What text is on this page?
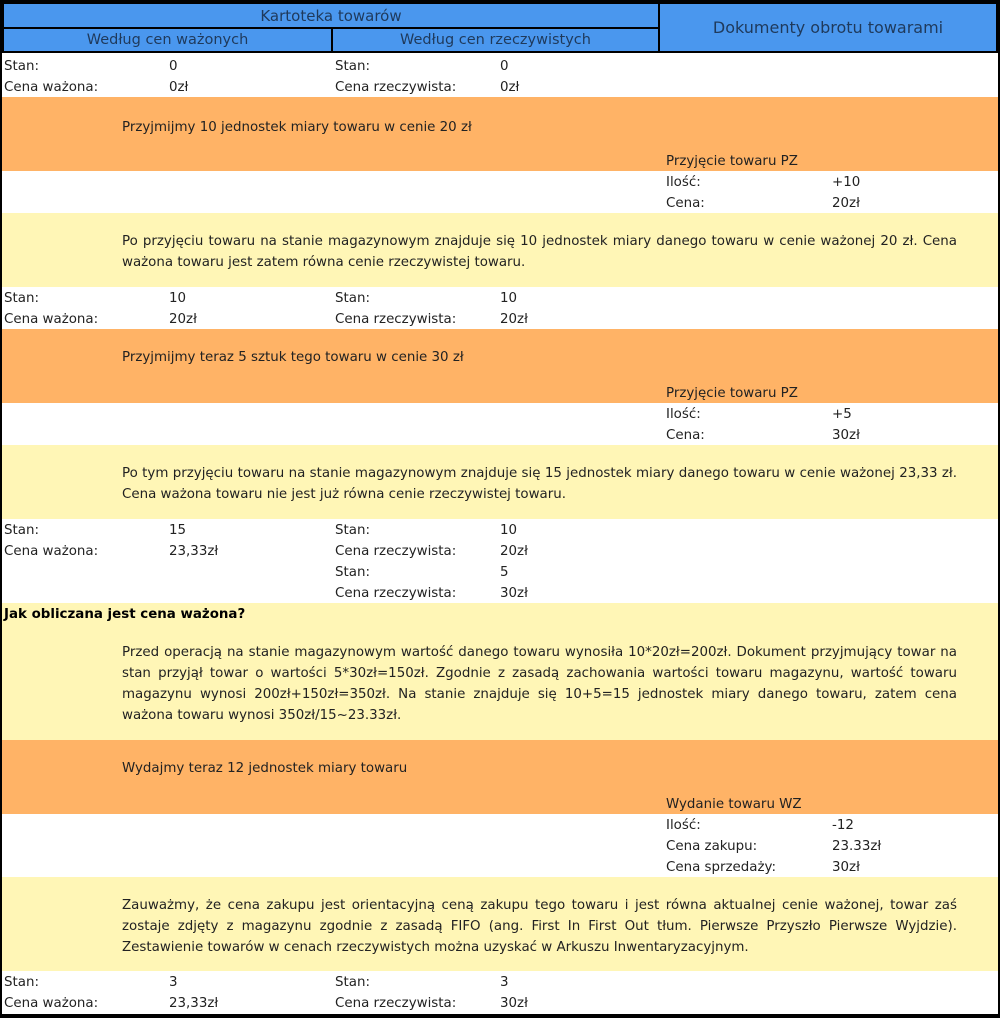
Kartoteka towarów
Według cen ważonych	Według cen rzeczywistych
Dokumenty obrotu towarami
Stan:	0	Stan:	0
Cena ważona:	0zł	Cena rzeczywista:	0zł
Przyjmijmy 10 jednostek miary towaru w cenie 20 zł
Przyjęcie towaru PZ
Ilość:	+10
Cena:	20zł
Po przyjęciu towaru na stanie magazynowym znajduje się 10 jednostek miary danego towaru w cenie ważonej 20 zł. Cena ważona towaru jest zatem równa cenie rzeczywistej towaru.
Stan:	10	Stan:	10
Cena ważona:	20zł	Cena rzeczywista:	20zł
Przyjmijmy teraz 5 sztuk tego towaru w cenie 30 zł
Przyjęcie towaru PZ
Ilość:	+5
Cena:	30zł
Po tym przyjęciu towaru na stanie magazynowym znajduje się 15 jednostek miary danego towaru w cenie ważonej 23,33 zł. Cena ważona towaru nie jest już równa cenie rzeczywistej towaru.
Stan:	15	Stan:	10
Cena ważona:	23,33zł	Cena rzeczywista:	20zł
Stan:	5
Cena rzeczywista:	30zł
Jak obliczana jest cena ważona?
Przed operacją na stanie magazynowym wartość danego towaru wynosiła 10*20zł=200zł. Dokument przyjmujący towar na stan przyjął towar o wartości 5*30zł=150zł. Zgodnie z zasadą zachowania wartości towaru magazynu, wartość towaru magazynu wynosi 200zł+150zł=350zł. Na stanie znajduje się 10+5=15 jednostek miary danego towaru, zatem cena ważona towaru wynosi 350zł/15~23.33zł.
Wydajmy teraz 12 jednostek miary towaru
Wydanie towaru WZ
Ilość:	-12
Cena zakupu:	23.33zł
Cena sprzedaży:	30zł
Zauważmy, że cena zakupu jest orientacyjną ceną zakupu tego towaru i jest równa aktualnej cenie ważonej, towar zaś zostaje zdjęty z magazynu zgodnie z zasadą FIFO (ang. First In First Out tłum. Pierwsze Przyszło Pierwsze Wyjdzie). Zestawienie towarów w cenach rzeczywistych można uzyskać w Arkuszu Inwentaryzacyjnym.
Stan:	3	Stan:	3
Cena ważona:	23,33zł	Cena rzeczywista:	30zł
